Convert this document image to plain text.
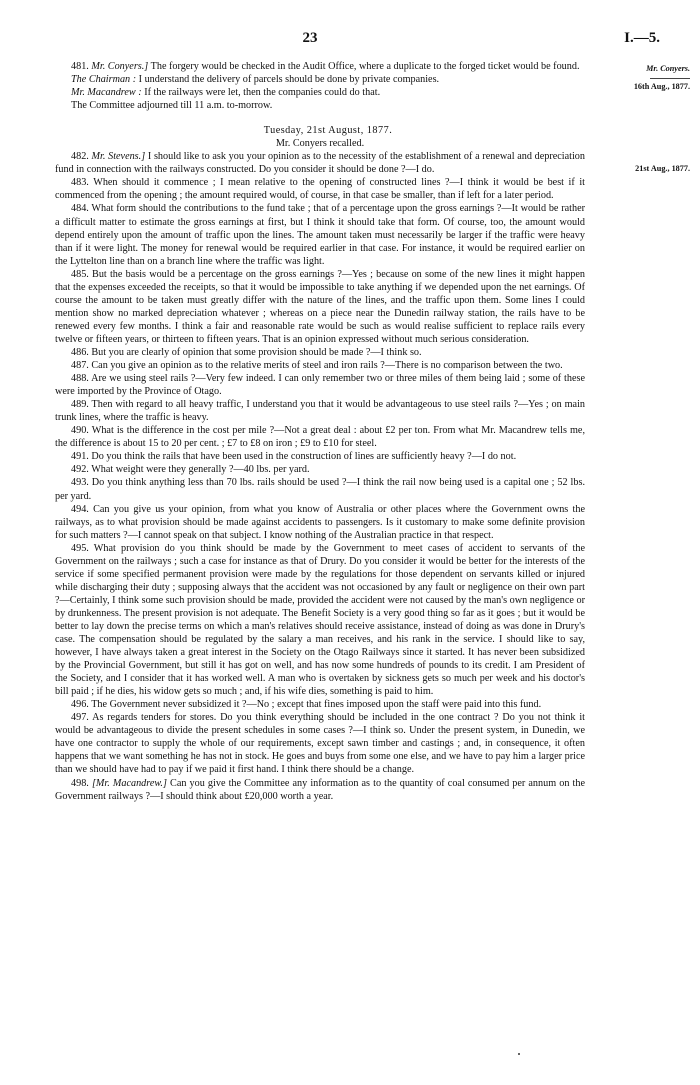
23	I.—5.
Mr. Conyers.
16th Aug., 1877.
21st Aug., 1877.

481. Mr. Conyers.] The forgery would be checked in the Audit Office, where a duplicate to the forged ticket would be found.

The Chairman : I understand the delivery of parcels should be done by private companies.

Mr. Macandrew : If the railways were let, then the companies could do that.

The Committee adjourned till 11 a.m. to-morrow.

Tuesday, 21st August, 1877.

Mr. Conyers recalled.

482. Mr. Stevens.] I should like to ask you your opinion as to the necessity of the establishment of a renewal and depreciation fund in connection with the railways constructed. Do you consider it should be done ?—I do.

483. When should it commence ; I mean relative to the opening of constructed lines ?—I think it would be best if it commenced from the opening ; the amount required would, of course, in that case be smaller, than if left for a later period.

484. What form should the contributions to the fund take ; that of a percentage upon the gross earnings ?—It would be rather a difficult matter to estimate the gross earnings at first, but I think it should take that form. Of course, too, the amount would depend entirely upon the amount of traffic upon the lines. The amount taken must necessarily be larger if the traffic were heavy than if it were light. The money for renewal would be required earlier in that case. For instance, it would be required earlier on the Lyttelton line than on a branch line where the traffic was light.

485. But the basis would be a percentage on the gross earnings ?—Yes ; because on some of the new lines it might happen that the expenses exceeded the receipts, so that it would be impossible to take anything if we depended upon the net earnings. Of course the amount to be taken must greatly differ with the nature of the lines, and the traffic upon them. Some lines I could mention show no marked depreciation whatever ; whereas on a piece near the Dunedin railway station, the rails have to be renewed every few months. I think a fair and reasonable rate would be such as would realise sufficient to replace rails every twelve or fifteen years, or thirteen to fifteen years. That is an opinion expressed without much serious consideration.

486. But you are clearly of opinion that some provision should be made ?—I think so.

487. Can you give an opinion as to the relative merits of steel and iron rails ?—There is no comparison between the two.

488. Are we using steel rails ?—Very few indeed. I can only remember two or three miles of them being laid ; some of these were imported by the Province of Otago.

489. Then with regard to all heavy traffic, I understand you that it would be advantageous to use steel rails ?—Yes ; on main trunk lines, where the traffic is heavy.

490. What is the difference in the cost per mile ?—Not a great deal : about £2 per ton. From what Mr. Macandrew tells me, the difference is about 15 to 20 per cent. ; £7 to £8 on iron ; £9 to £10 for steel.

491. Do you think the rails that have been used in the construction of lines are sufficiently heavy ?—I do not.

492. What weight were they generally ?—40 lbs. per yard.

493. Do you think anything less than 70 lbs. rails should be used ?—I think the rail now being used is a capital one ; 52 lbs. per yard.

494. Can you give us your opinion, from what you know of Australia or other places where the Government owns the railways, as to what provision should be made against accidents to passengers. Is it customary to make some definite provision for such matters ?—I cannot speak on that subject. I know nothing of the Australian practice in that respect.

495. What provision do you think should be made by the Government to meet cases of accident to servants of the Government on the railways ; such a case for instance as that of Drury. Do you consider it would be better for the interests of the service if some specified permanent provision were made by the regulations for those dependent on servants killed or injured while discharging their duty ; supposing always that the accident was not occasioned by any fault or negligence on their own part ?—Certainly, I think some such provision should be made, provided the accident were not caused by the man's own negligence or by drunkenness. The present provision is not adequate. The Benefit Society is a very good thing so far as it goes ; but it would be better to lay down the precise terms on which a man's relatives should receive assistance, instead of doing as was done in Drury's case. The compensation should be regulated by the salary a man receives, and his rank in the service. I should like to say, however, I have always taken a great interest in the Society on the Otago Railways since it started. It has never been subsidized by the Provincial Government, but still it has got on well, and has now some hundreds of pounds to its credit. I am President of the Society, and I consider that it has worked well. A man who is overtaken by sickness gets so much per week and his doctor's bill paid ; if he dies, his widow gets so much ; and, if his wife dies, something is paid to him.

496. The Government never subsidized it ?—No ; except that fines imposed upon the staff were paid into this fund.

497. As regards tenders for stores. Do you think everything should be included in the one contract ? Do you not think it would be advantageous to divide the present schedules in some cases ?—I think so. Under the present system, in Dunedin, we have one contractor to supply the whole of our requirements, except sawn timber and castings ; and, in consequence, it often happens that we want something he has not in stock. He goes and buys from some one else, and we have to pay him a larger price than we should have had to pay if we paid it first hand. I think there should be a change.

498. [Mr. Macandrew.] Can you give the Committee any information as to the quantity of coal consumed per annum on the Government railways ?—I should think about £20,000 worth a year.
